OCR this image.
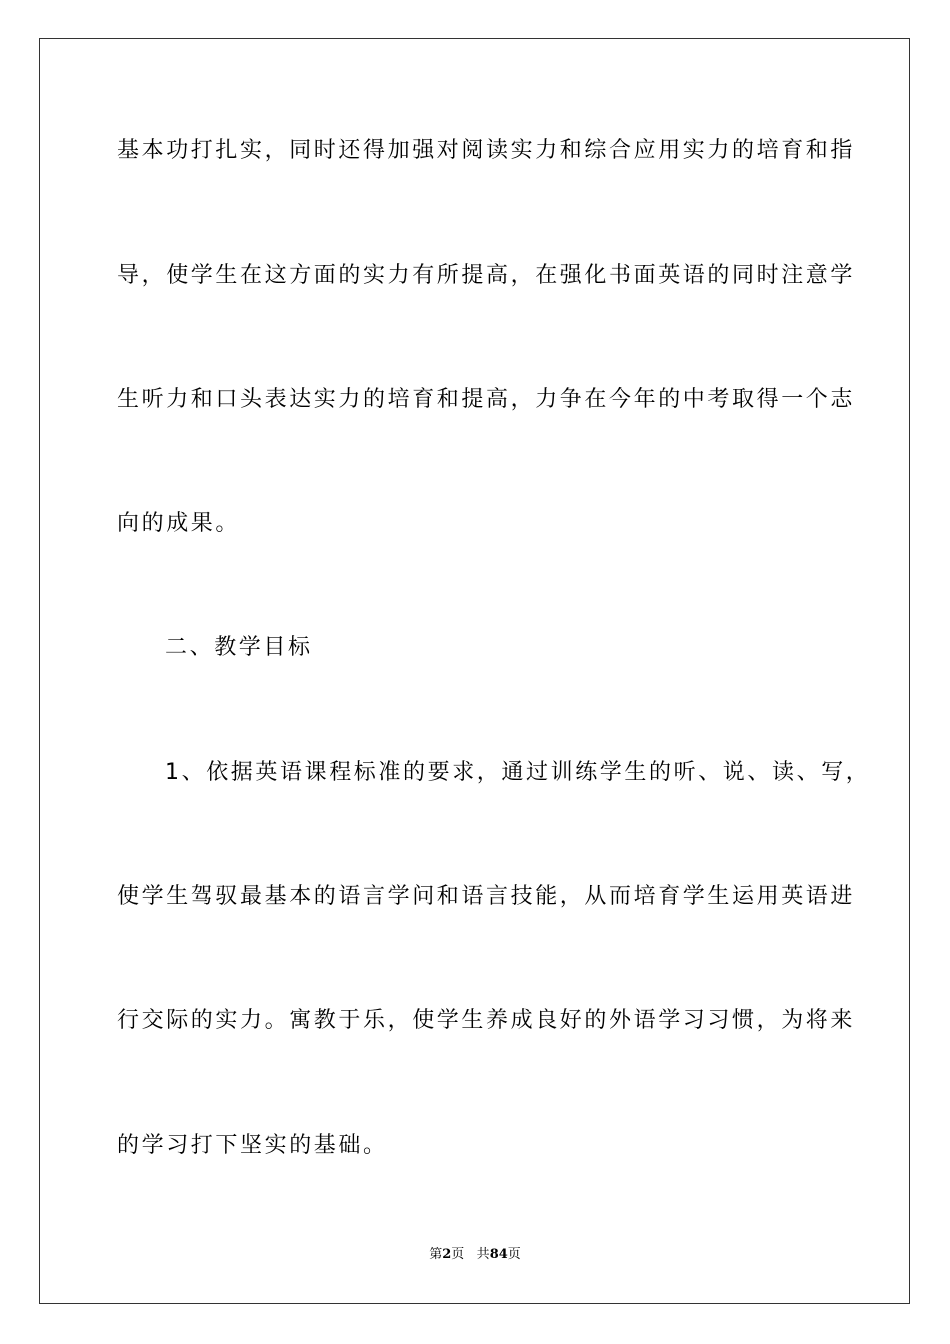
基本功打扎实，同时还得加强对阅读实力和综合应用实力的培育和指
导，使学生在这方面的实力有所提高，在强化书面英语的同时注意学
生听力和口头表达实力的培育和提高，力争在今年的中考取得一个志
向的成果。
二、教学目标
1、依据英语课程标准的要求，通过训练学生的听、说、读、写，
使学生驾驭最基本的语言学问和语言技能，从而培育学生运用英语进
行交际的实力。寓教于乐，使学生养成良好的外语学习习惯，为将来
的学习打下坚实的基础。
第2页 共84页
